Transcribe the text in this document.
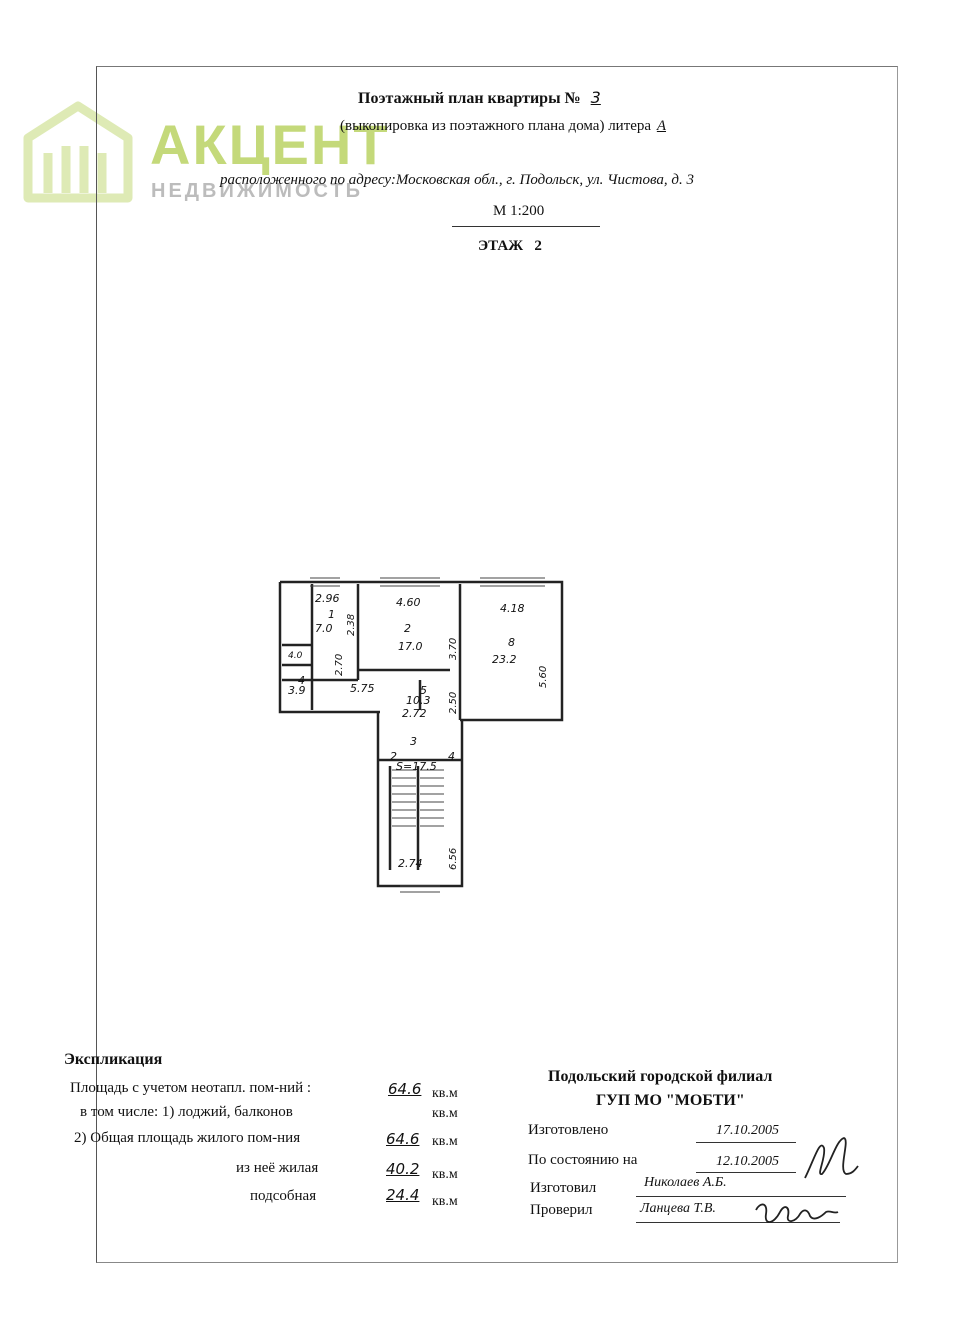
АКЦЕНТ
НЕДВИЖИМОСТЬ
Поэтажный план квартиры № 3
(выкопировка из поэтажного плана дома) литера А
расположенного по адресу:Московская обл., г. Подольск, ул. Чистова, д. 3
М 1:200
ЭТАЖ   2
2.96
1
7.0
4.60
2
17.0
4.18
8
23.2
4.0
4
3.9	5.75	5
10.3
2.72
3
2	4
S=17.5
2.74
2.38
3.70
5.60
2.70
2.50
6.56
Экспликация
Площадь с учетом неотапл. пом-ний :	64.6 кв.м
в том числе: 1) лоджий, балконов	кв.м
2) Общая площадь жилого пом-ния	64.6 кв.м
из неё жилая	40.2 кв.м
подсобная	24.4 кв.м
Подольский городской филиал
ГУП МО "МОБТИ"
Изготовлено	17.10.2005
По состоянию на	12.10.2005
Изготовил	Николаев А.Б.
Проверил	Ланцева Т.В.
